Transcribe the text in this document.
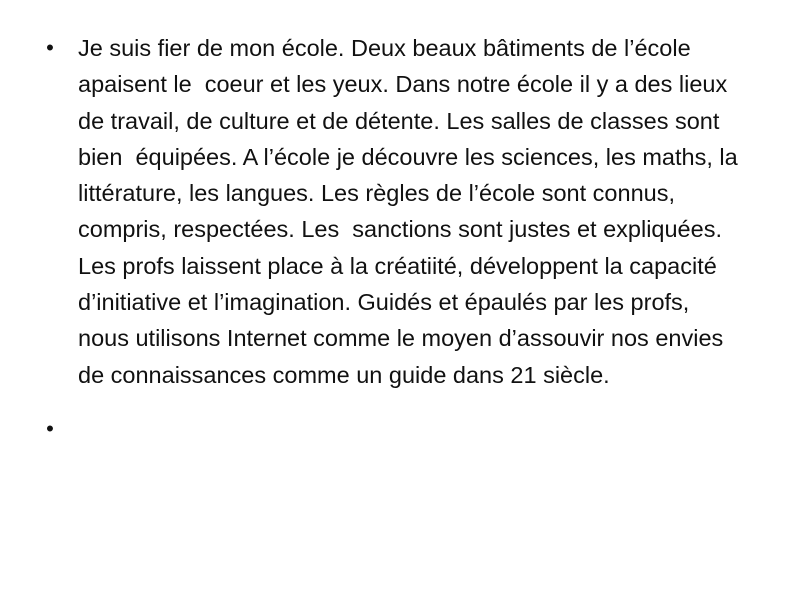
• Je suis fier de mon école. Deux beaux bâtiments de l’école apaisent le  coeur et les yeux. Dans notre école il y a des lieux de travail, de culture et de détente. Les salles de classes sont bien  équipées. A l’école je découvre les sciences, les maths, la littérature, les langues. Les règles de l’école sont connus, compris, respectées. Les  sanctions sont justes et expliquées. Les profs laissent place à la créatiité, développent la capacité d’initiative et l’imagination. Guidés et épaulés par les profs, nous utilisons Internet comme le moyen d’assouvir nos envies de connaissances comme un guide dans 21 siècle.
•
